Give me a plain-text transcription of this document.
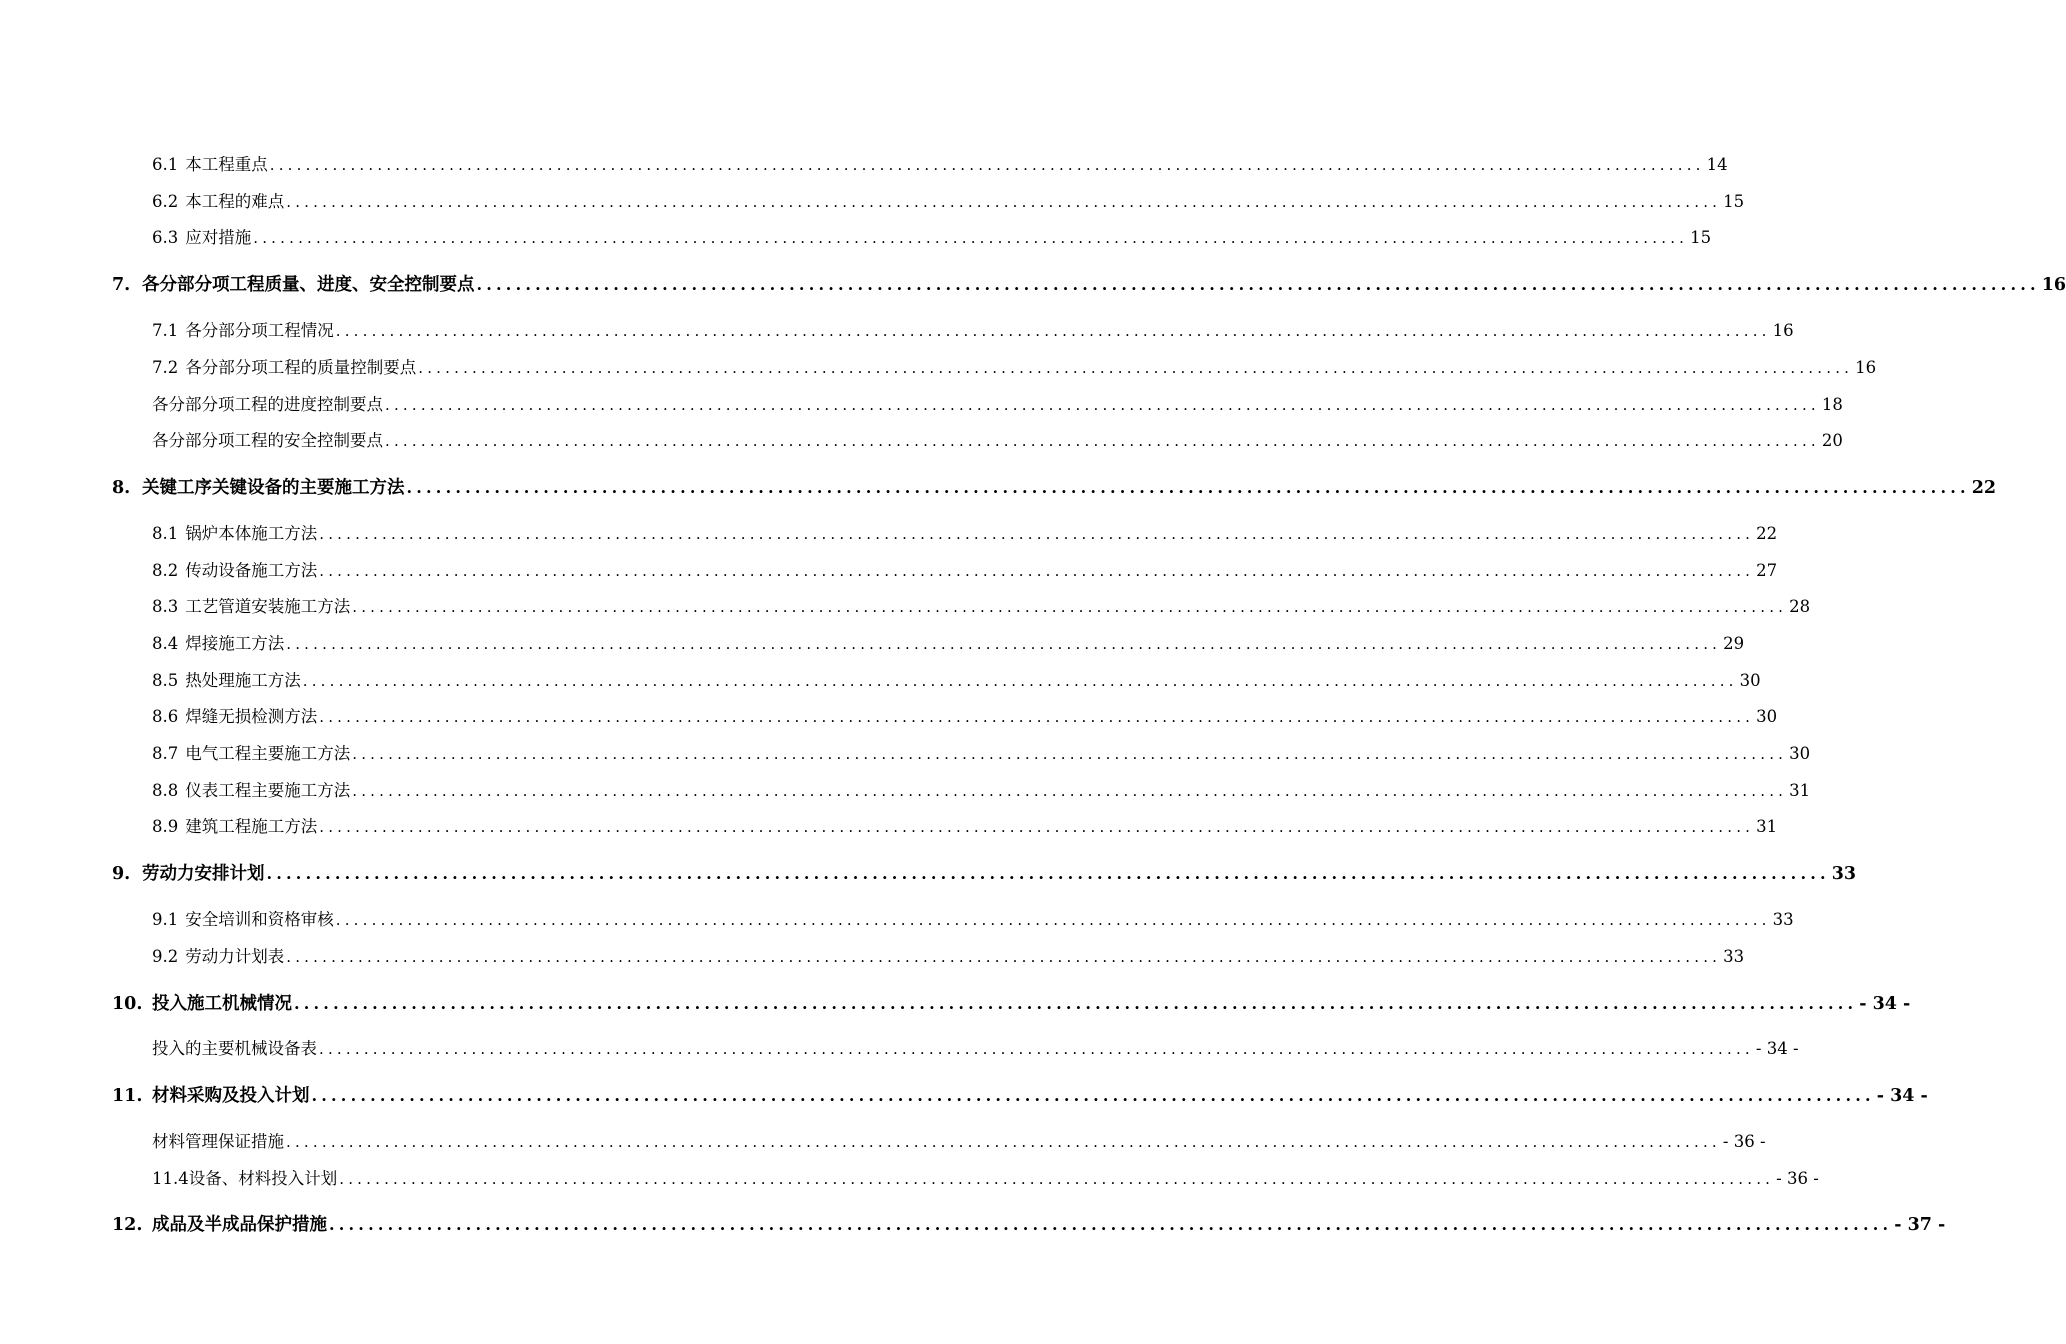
6.1 本工程重点 ................................................................................................................................................................ 14
6.2 本工程的难点 ................................................................................................................................................................ 15
6.3 应对措施 ................................................................................................................................................................ 15
7. 各分部分项工程质量、进度、安全控制要点 ................................................................................................................................................................ 16
7.1 各分部分项工程情况 ................................................................................................................................................................ 16
7.2 各分部分项工程的质量控制要点 ................................................................................................................................................................ 16
各分部分项工程的进度控制要点 ................................................................................................................................................................ 18
各分部分项工程的安全控制要点 ................................................................................................................................................................ 20
8. 关键工序关键设备的主要施工方法 ................................................................................................................................................................ 22
8.1 锅炉本体施工方法 ................................................................................................................................................................ 22
8.2 传动设备施工方法 ................................................................................................................................................................ 27
8.3 工艺管道安装施工方法 ................................................................................................................................................................ 28
8.4 焊接施工方法 ................................................................................................................................................................ 29
8.5 热处理施工方法 ................................................................................................................................................................ 30
8.6 焊缝无损检测方法 ................................................................................................................................................................ 30
8.7 电气工程主要施工方法 ................................................................................................................................................................ 30
8.8 仪表工程主要施工方法 ................................................................................................................................................................ 31
8.9 建筑工程施工方法 ................................................................................................................................................................ 31
9. 劳动力安排计划 ................................................................................................................................................................ 33
9.1 安全培训和资格审核 ................................................................................................................................................................ 33
9.2 劳动力计划表 ................................................................................................................................................................ 33
10. 投入施工机械情况 ................................................................................................................................................................ - 34 -
投入的主要机械设备表 ................................................................................................................................................................ - 34 -
11. 材料采购及投入计划 ................................................................................................................................................................ - 34 -
材料管理保证措施 ................................................................................................................................................................ - 36 -
11.4设备、材料投入计划 ................................................................................................................................................................ - 36 -
12. 成品及半成品保护措施 ................................................................................................................................................................ - 37 -
